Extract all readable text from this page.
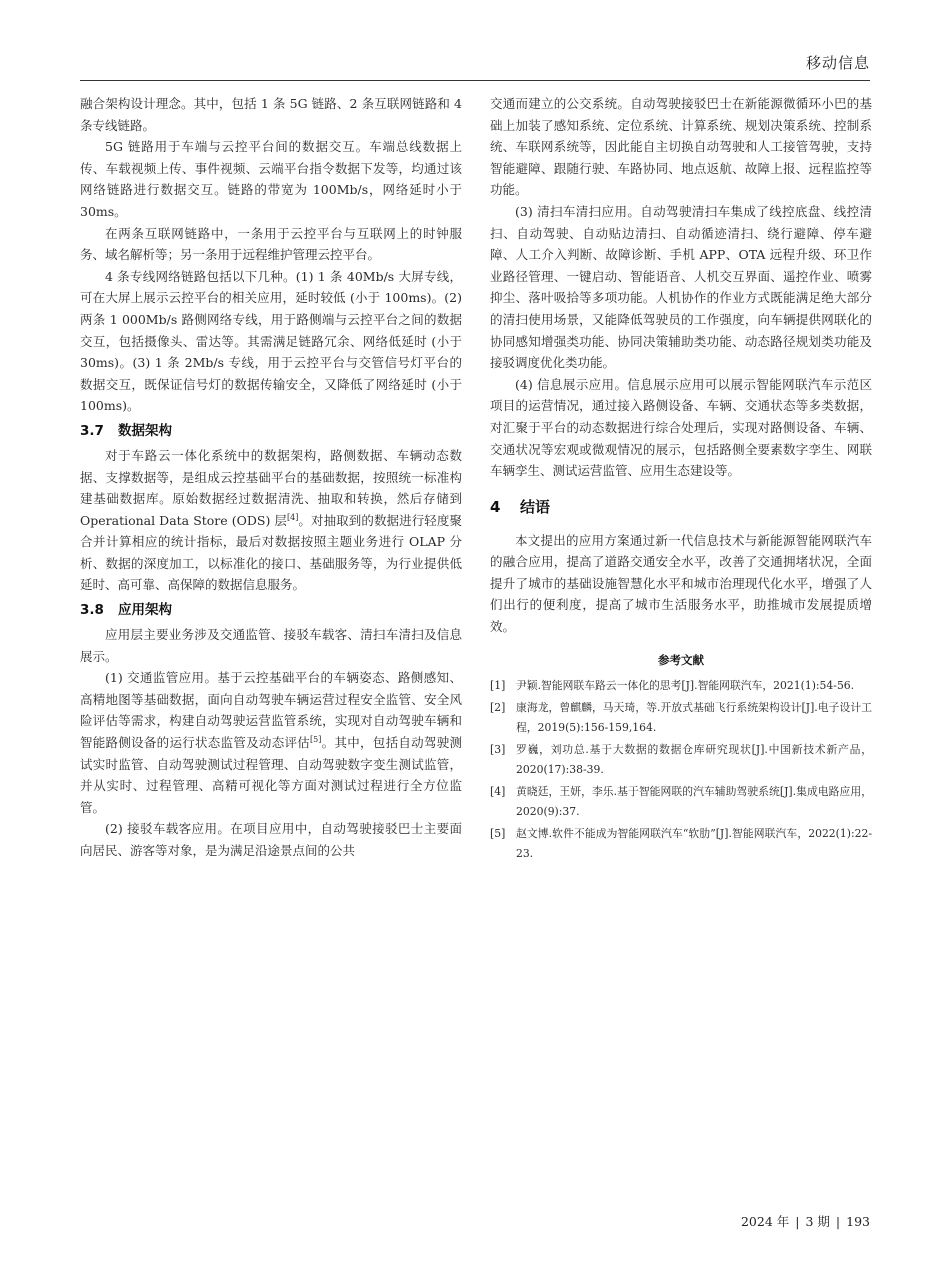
移动信息

融合架构设计理念。其中，包括 1 条 5G 链路、2 条互联网链路和 4 条专线链路。

5G 链路用于车端与云控平台间的数据交互。车端总线数据上传、车载视频上传、事件视频、云端平台指令数据下发等，均通过该网络链路进行数据交互。链路的带宽为 100Mb/s，网络延时小于 30ms。

在两条互联网链路中，一条用于云控平台与互联网上的时钟服务、域名解析等；另一条用于远程维护管理云控平台。

4 条专线网络链路包括以下几种。(1) 1 条 40Mb/s 大屏专线，可在大屏上展示云控平台的相关应用，延时较低 (小于 100ms)。(2) 两条 1 000Mb/s 路侧网络专线，用于路侧端与云控平台之间的数据交互，包括摄像头、雷达等。其需满足链路冗余、网络低延时 (小于 30ms)。(3) 1 条 2Mb/s 专线，用于云控平台与交管信号灯平台的数据交互，既保证信号灯的数据传输安全，又降低了网络延时 (小于 100ms)。

3.7 数据架构

对于车路云一体化系统中的数据架构，路侧数据、车辆动态数据、支撑数据等，是组成云控基础平台的基础数据，按照统一标准构建基础数据库。原始数据经过数据清洗、抽取和转换，然后存储到 Operational Data Store (ODS) 层[4]。对抽取到的数据进行轻度聚合并计算相应的统计指标，最后对数据按照主题业务进行 OLAP 分析、数据的深度加工，以标准化的接口、基础服务等，为行业提供低延时、高可靠、高保障的数据信息服务。

3.8 应用架构

应用层主要业务涉及交通监管、接驳车载客、清扫车清扫及信息展示。

(1) 交通监管应用。基于云控基础平台的车辆姿态、路侧感知、高精地图等基础数据，面向自动驾驶车辆运营过程安全监管、安全风险评估等需求，构建自动驾驶运营监管系统，实现对自动驾驶车辆和智能路侧设备的运行状态监管及动态评估[5]。其中，包括自动驾驶测试实时监管、自动驾驶测试过程管理、自动驾驶数字变生测试监管，并从实时、过程管理、高精可视化等方面对测试过程进行全方位监管。

(2) 接驳车载客应用。在项目应用中，自动驾驶接驳巴士主要面向居民、游客等对象，是为满足沿途景点间的公共

交通而建立的公交系统。自动驾驶接驳巴士在新能源微循环小巴的基础上加装了感知系统、定位系统、计算系统、规划决策系统、控制系统、车联网系统等，因此能自主切换自动驾驶和人工接管驾驶，支持智能避障、跟随行驶、车路协同、地点返航、故障上报、远程监控等功能。

(3) 清扫车清扫应用。自动驾驶清扫车集成了线控底盘、线控清扫、自动驾驶、自动贴边清扫、自动循迹清扫、绕行避障、停车避障、人工介入判断、故障诊断、手机 APP、OTA 远程升级、环卫作业路径管理、一键启动、智能语音、人机交互界面、遥控作业、喷雾抑尘、落叶吸拾等多项功能。人机协作的作业方式既能满足绝大部分的清扫使用场景，又能降低驾驶员的工作强度，向车辆提供网联化的协同感知增强类功能、协同决策辅助类功能、动态路径规划类功能及接驳调度优化类功能。

(4) 信息展示应用。信息展示应用可以展示智能网联汽车示范区项目的运营情况，通过接入路侧设备、车辆、交通状态等多类数据，对汇聚于平台的动态数据进行综合处理后，实现对路侧设备、车辆、交通状况等宏观或微观情况的展示，包括路侧全要素数字孪生、网联车辆孪生、测试运营监管、应用生态建设等。

4 结语

本文提出的应用方案通过新一代信息技术与新能源智能网联汽车的融合应用，提高了道路交通安全水平，改善了交通拥堵状况，全面提升了城市的基础设施智慧化水平和城市治理现代化水平，增强了人们出行的便利度，提高了城市生活服务水平，助推城市发展提质增效。

参考文献
[1] 尹颖.智能网联车路云一体化的思考[J].智能网联汽车，2021(1):54-56.
[2] 康海龙，曾麒麟，马天琦，等.开放式基础飞行系统架构设计[J].电子设计工程，2019(5):156-159,164.
[3] 罗巍，刘功总.基于大数据的数据仓库研究现状[J].中国新技术新产品，2020(17):38-39.
[4] 黄晓廷，王妍，李乐.基于智能网联的汽车辅助驾驶系统[J].集成电路应用，2020(9):37.
[5] 赵文博.软件不能成为智能网联汽车“软肋”[J].智能网联汽车，2022(1):22-23.
2024 年 | 3 期 | 193
